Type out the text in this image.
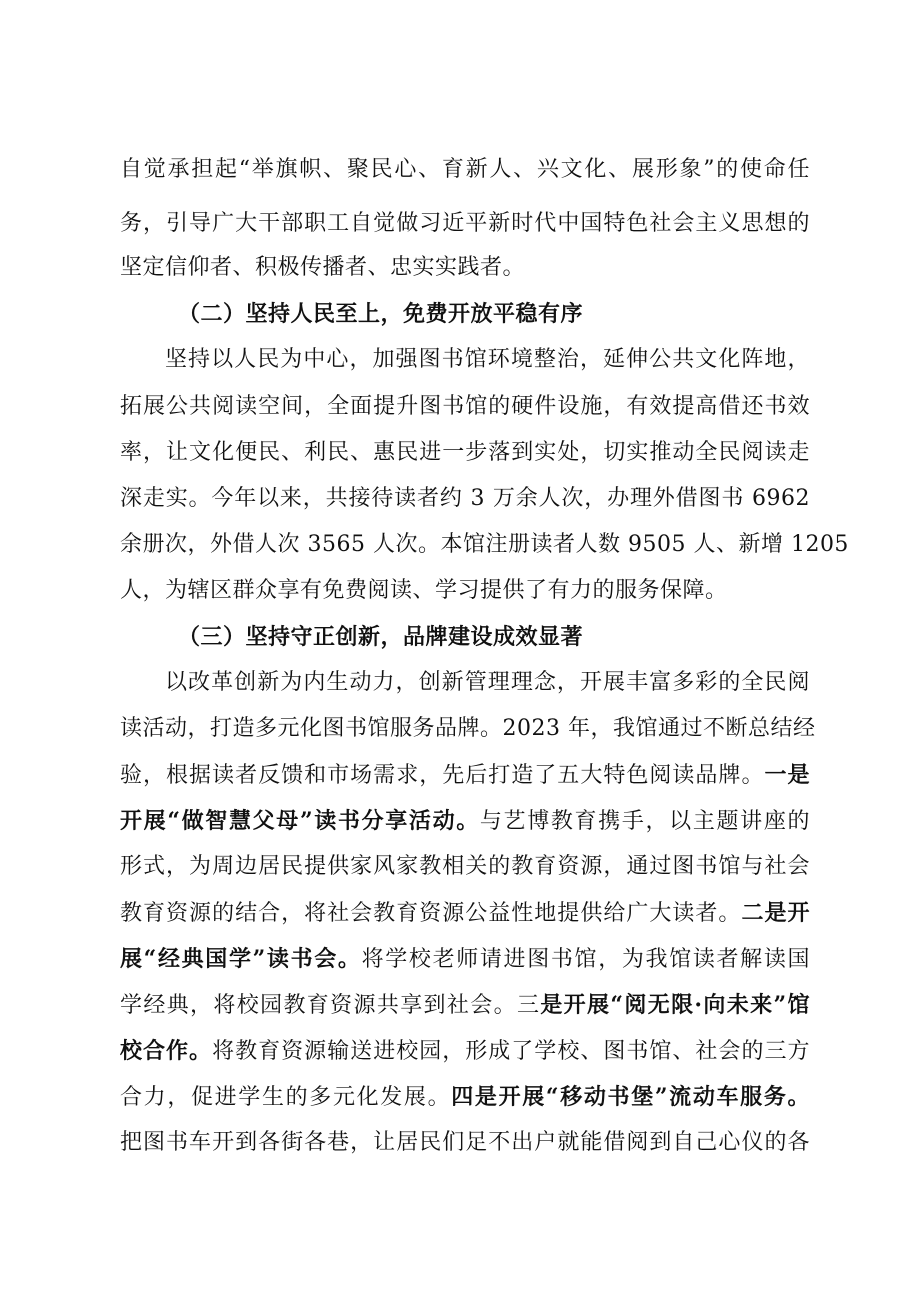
自觉承担起“举旗帜、聚民心、育新人、兴文化、展形象”的使命任
务，引导广大干部职工自觉做习近平新时代中国特色社会主义思想的
坚定信仰者、积极传播者、忠实实践者。
（二）坚持人民至上，免费开放平稳有序
坚持以人民为中心，加强图书馆环境整治，延伸公共文化阵地，
拓展公共阅读空间，全面提升图书馆的硬件设施，有效提高借还书效
率，让文化便民、利民、惠民进一步落到实处，切实推动全民阅读走
深走实。今年以来，共接待读者约 3 万余人次，办理外借图书 6962
余册次，外借人次 3565 人次。本馆注册读者人数 9505 人、新增 1205
人，为辖区群众享有免费阅读、学习提供了有力的服务保障。
（三）坚持守正创新，品牌建设成效显著
以改革创新为内生动力，创新管理理念，开展丰富多彩的全民阅
读活动，打造多元化图书馆服务品牌。2023 年，我馆通过不断总结经
验，根据读者反馈和市场需求，先后打造了五大特色阅读品牌。一是
开展“做智慧父母”读书分享活动。与艺博教育携手，以主题讲座的
形式，为周边居民提供家风家教相关的教育资源，通过图书馆与社会
教育资源的结合，将社会教育资源公益性地提供给广大读者。二是开
展“经典国学”读书会。将学校老师请进图书馆，为我馆读者解读国
学经典，将校园教育资源共享到社会。三是开展“阅无限·向未来”馆
校合作。将教育资源输送进校园，形成了学校、图书馆、社会的三方
合力，促进学生的多元化发展。四是开展“移动书堡”流动车服务。
把图书车开到各街各巷，让居民们足不出户就能借阅到自己心仪的各
